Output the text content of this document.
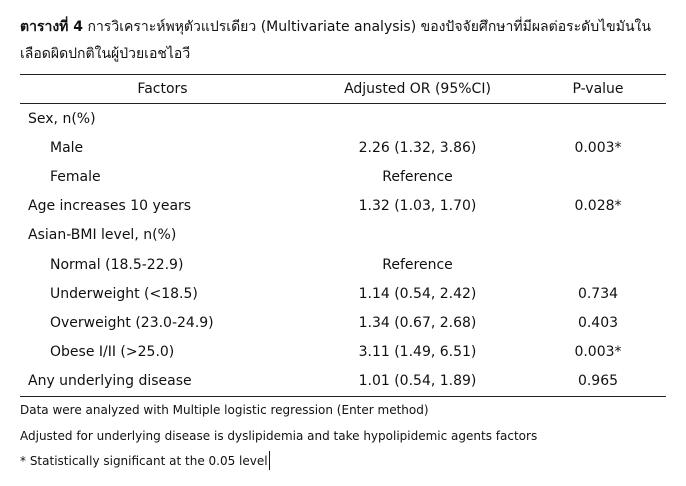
ตารางที่ 4 การวิเคราะห์พหุตัวแปรเดียว (Multivariate analysis) ของปัจจัยศึกษาที่มีผลต่อระดับไขมันในเลือดผิดปกติในผู้ป่วยเอชไอวี
Factors	Adjusted OR (95%CI)	P-value
Sex, n(%)
Male	2.26 (1.32, 3.86)	0.003*
Female	Reference
Age increases 10 years	1.32 (1.03, 1.70)	0.028*
Asian-BMI level, n(%)
Normal (18.5-22.9)	Reference
Underweight (<18.5)	1.14 (0.54, 2.42)	0.734
Overweight (23.0-24.9)	1.34 (0.67, 2.68)	0.403
Obese I/II (>25.0)	3.11 (1.49, 6.51)	0.003*
Any underlying disease	1.01 (0.54, 1.89)	0.965
Data were analyzed with Multiple logistic regression (Enter method)
Adjusted for underlying disease is dyslipidemia and take hypolipidemic agents factors
* Statistically significant at the 0.05 level
